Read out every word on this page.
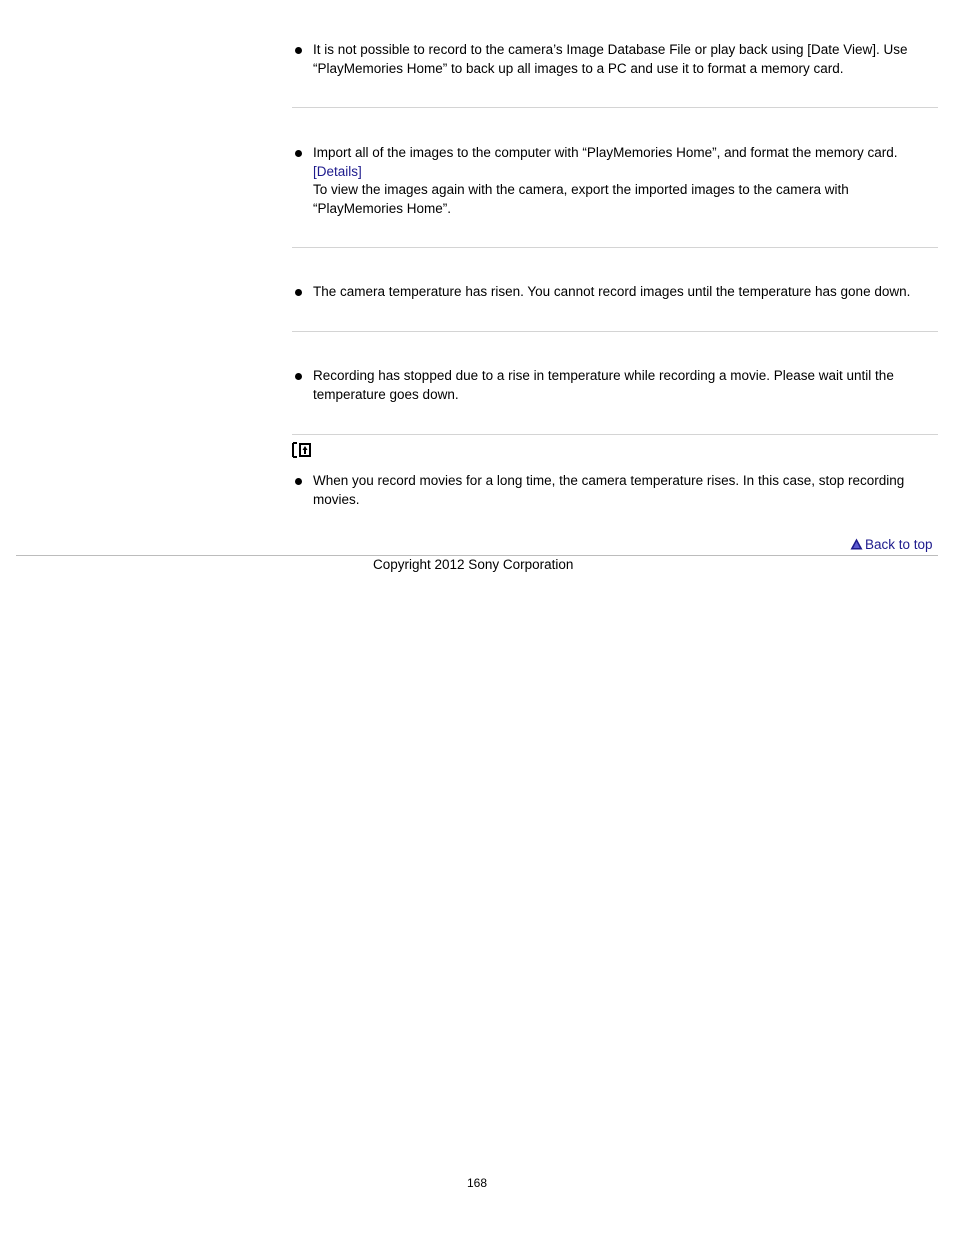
It is not possible to record to the camera’s Image Database File or play back using [Date View]. Use “PlayMemories Home” to back up all images to a PC and use it to format a memory card.
Import all of the images to the computer with “PlayMemories Home”, and format the memory card.
[Details]
To view the images again with the camera, export the imported images to the camera with “PlayMemories Home”.
The camera temperature has risen. You cannot record images until the temperature has gone down.
Recording has stopped due to a rise in temperature while recording a movie. Please wait until the temperature goes down.
When you record movies for a long time, the camera temperature rises. In this case, stop recording movies.
Back to top
Copyright 2012 Sony Corporation
168
